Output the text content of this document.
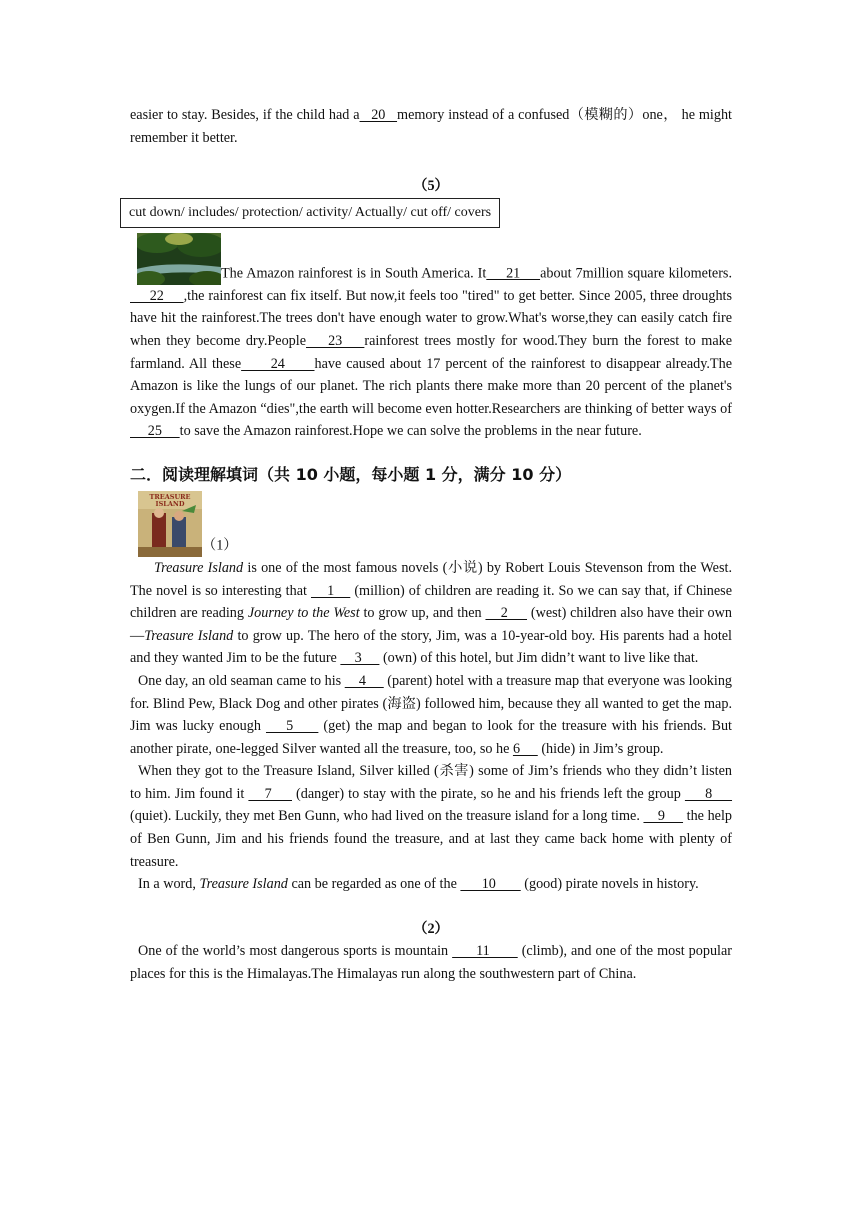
easier to stay. Besides, if the child had a   20   memory instead of a confused（模糊的）one， he might remember it better.

（5）

cut down/ includes/ protection/ activity/ Actually/ cut off/ covers

The Amazon rainforest is in South America. It     21     about 7million square kilometers.     22     ,the rainforest can fix itself. But now,it feels too "tired" to get better. Since 2005, three droughts have hit the rainforest.The trees don't have enough water to grow.What's worse,they can easily catch fire when they become dry.People    23    rainforest trees mostly for wood.They burn the forest to make farmland. All these      24      have caused about 17 percent of the rainforest to disappear already.The Amazon is like the lungs of our planet. The rich plants there make more than 20 percent of the planet's oxygen.If the Amazon “dies",the earth will become even hotter.Researchers are thinking of better ways of     25     to save the Amazon rainforest.Hope we can solve the problems in the near future.

二．阅读理解填词（共 10 小题，每小题 1 分，满分 10 分）

TREASURE
ISLAND
（1）

Treasure Island is one of the most famous novels (小说) by Robert Louis Stevenson from the West. The novel is so interesting that     1     (million) of children are reading it. So we can say that, if Chinese children are reading Journey to the West to grow up, and then     2      (west) children also have their own—Treasure Island to grow up. The hero of the story, Jim, was a 10-year-old boy. His parents had a hotel and they wanted Jim to be the future     3      (own) of this hotel, but Jim didn’t want to live like that.

One day, an old seaman came to his     4      (parent) hotel with a treasure map that everyone was looking for. Blind Pew, Black Dog and other pirates (海盗) followed him, because they all wanted to get the map. Jim was lucky enough     5      (get) the map and began to look for the treasure with his friends. But another pirate, one-legged Silver wanted all the treasure, too, so he 6      (hide) in Jim’s group.

When they got to the Treasure Island, Silver killed (杀害) some of Jim’s friends who they didn’t listen to him. Jim found it     7      (danger) to stay with the pirate, so he and his friends left the group      8      (quiet). Luckily, they met Ben Gunn, who had lived on the treasure island for a long time.     9      the help of Ben Gunn, Jim and his friends found the treasure, and at last they came back home with plenty of treasure.

In a word, Treasure Island can be regarded as one of the       10        (good) pirate novels in history.

（2）

One of the world’s most dangerous sports is mountain       11        (climb), and one of the most popular places for this is the Himalayas.The Himalayas run along the southwestern part of China.
